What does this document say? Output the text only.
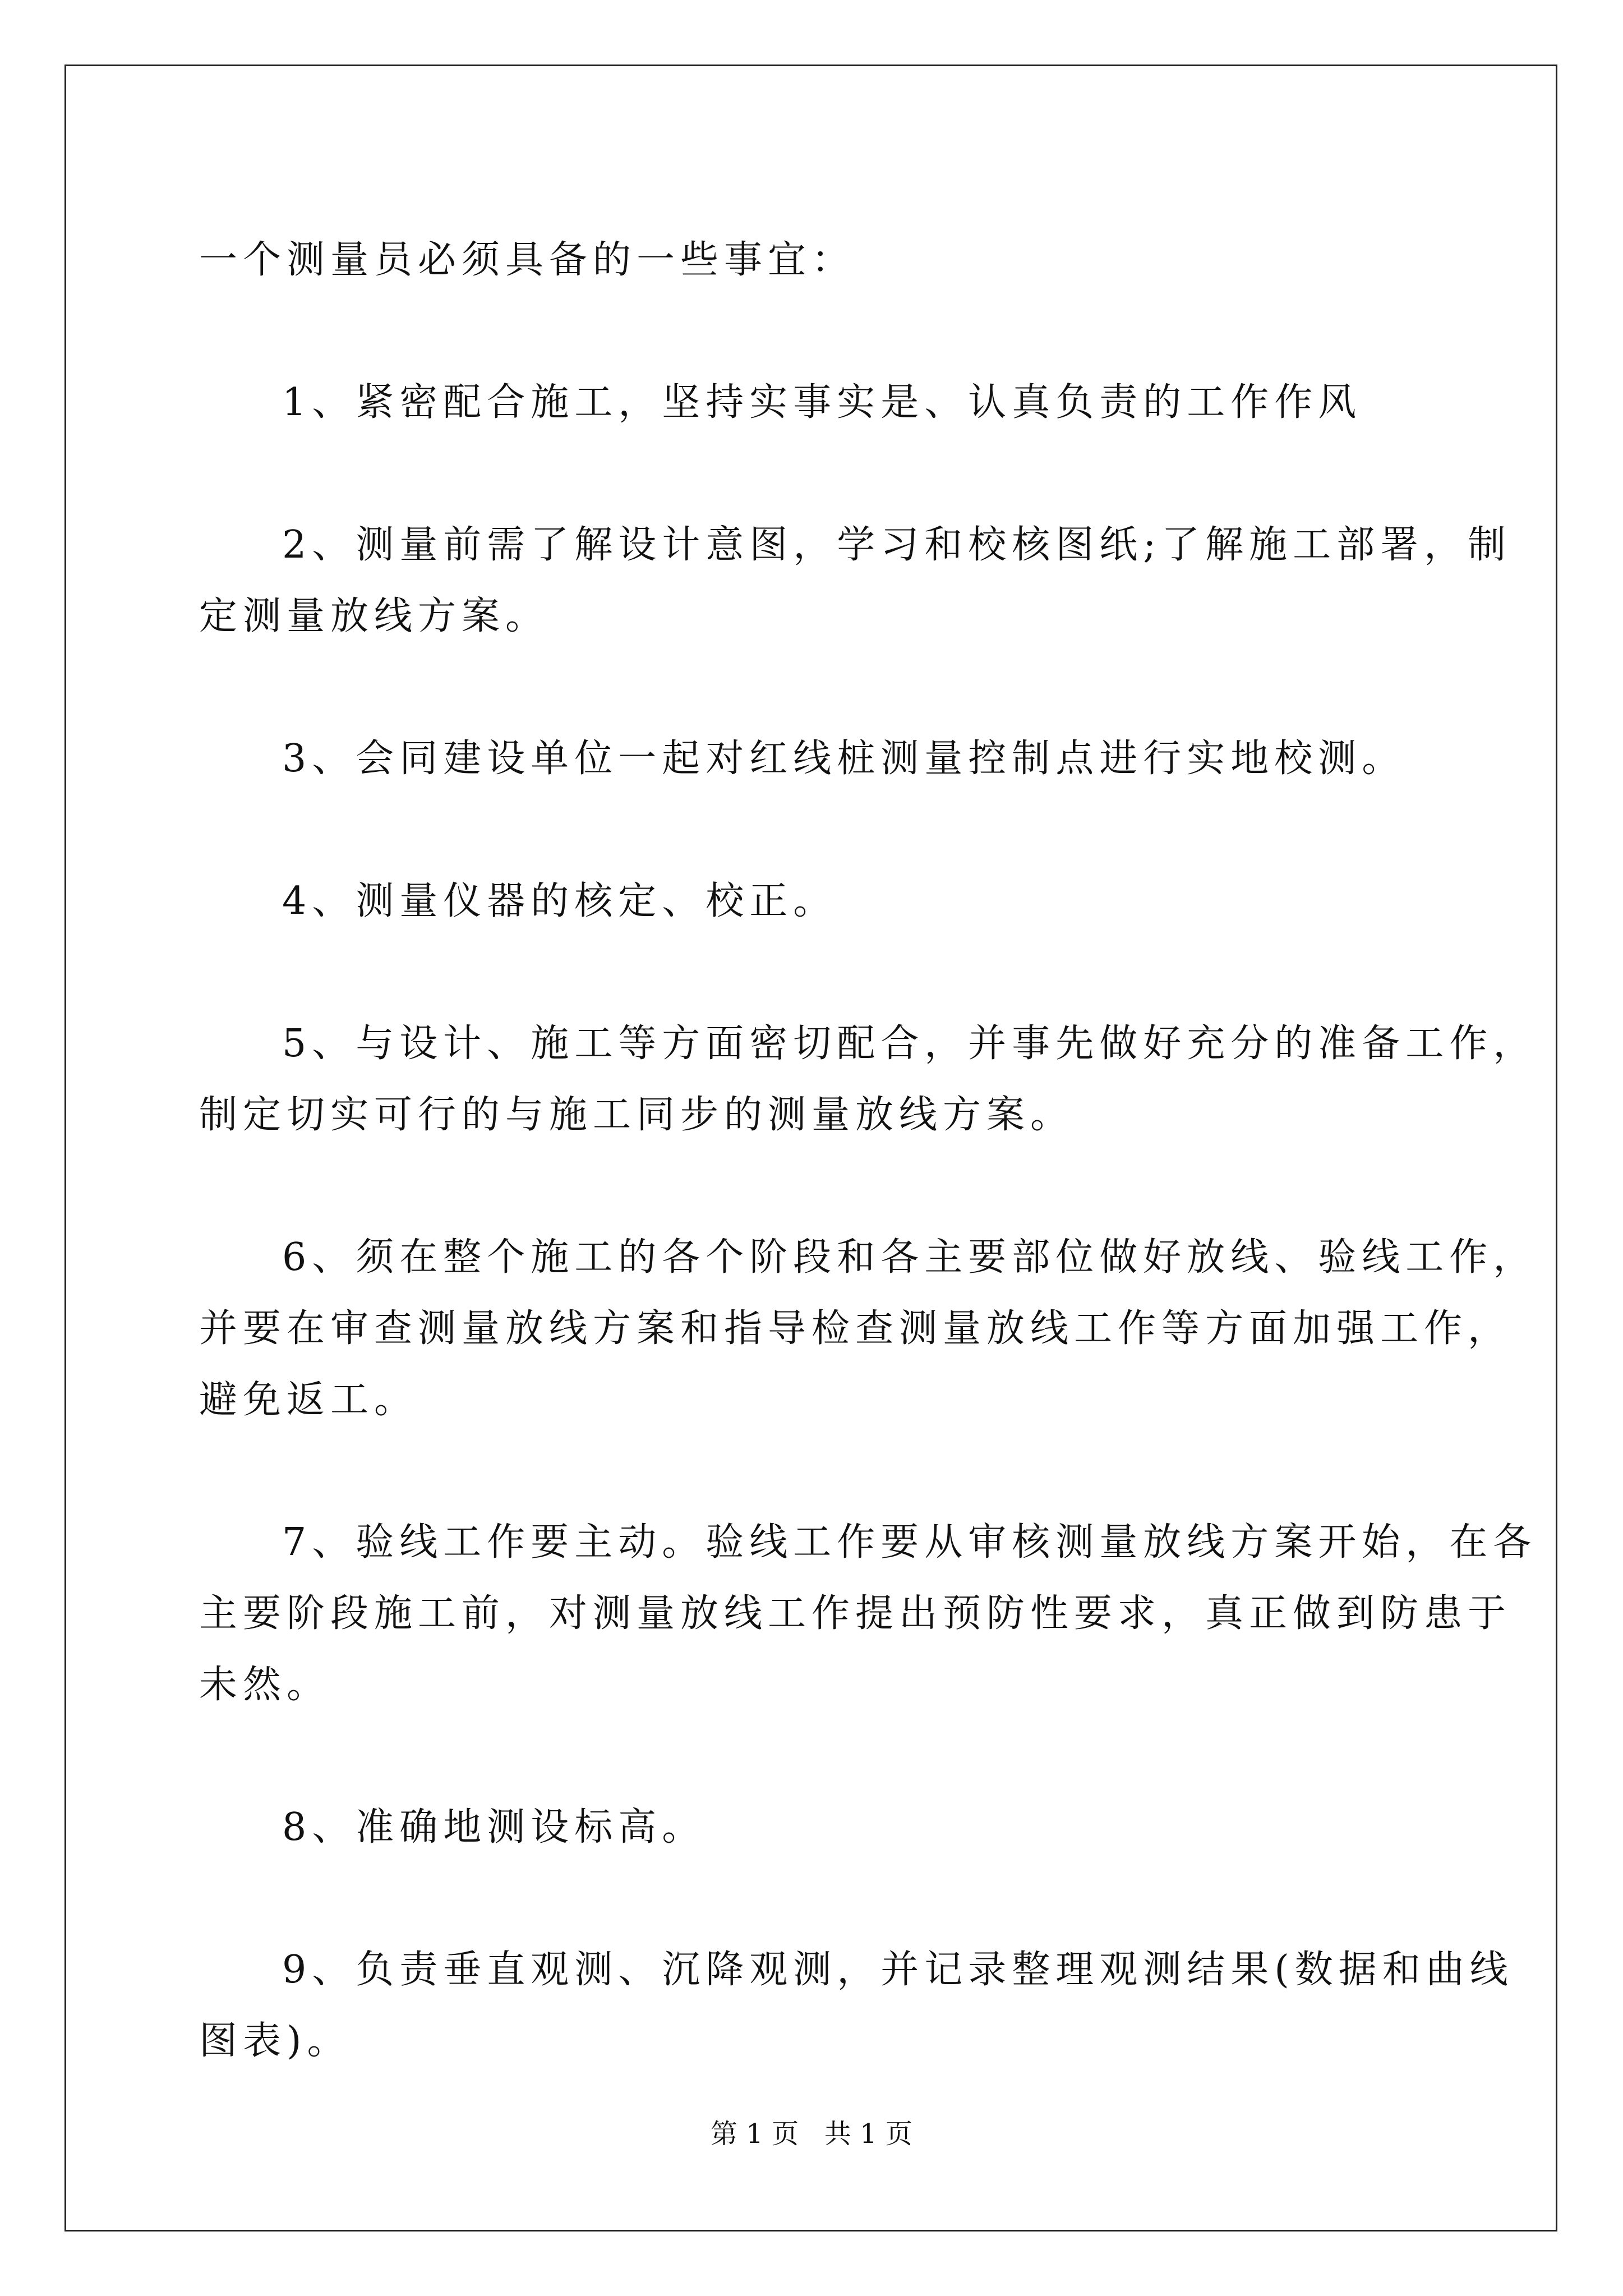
一个测量员必须具备的一些事宜：

1、紧密配合施工，坚持实事实是、认真负责的工作作风

2、测量前需了解设计意图，学习和校核图纸;了解施工部署，制
定测量放线方案。

3、会同建设单位一起对红线桩测量控制点进行实地校测。

4、测量仪器的核定、校正。

5、与设计、施工等方面密切配合，并事先做好充分的准备工作，
制定切实可行的与施工同步的测量放线方案。

6、须在整个施工的各个阶段和各主要部位做好放线、验线工作，
并要在审查测量放线方案和指导检查测量放线工作等方面加强工作，
避免返工。

7、验线工作要主动。验线工作要从审核测量放线方案开始，在各
主要阶段施工前，对测量放线工作提出预防性要求，真正做到防患于
未然。

8、准确地测设标高。

9、负责垂直观测、沉降观测，并记录整理观测结果(数据和曲线
图表)。

第 1 页   共 1 页
